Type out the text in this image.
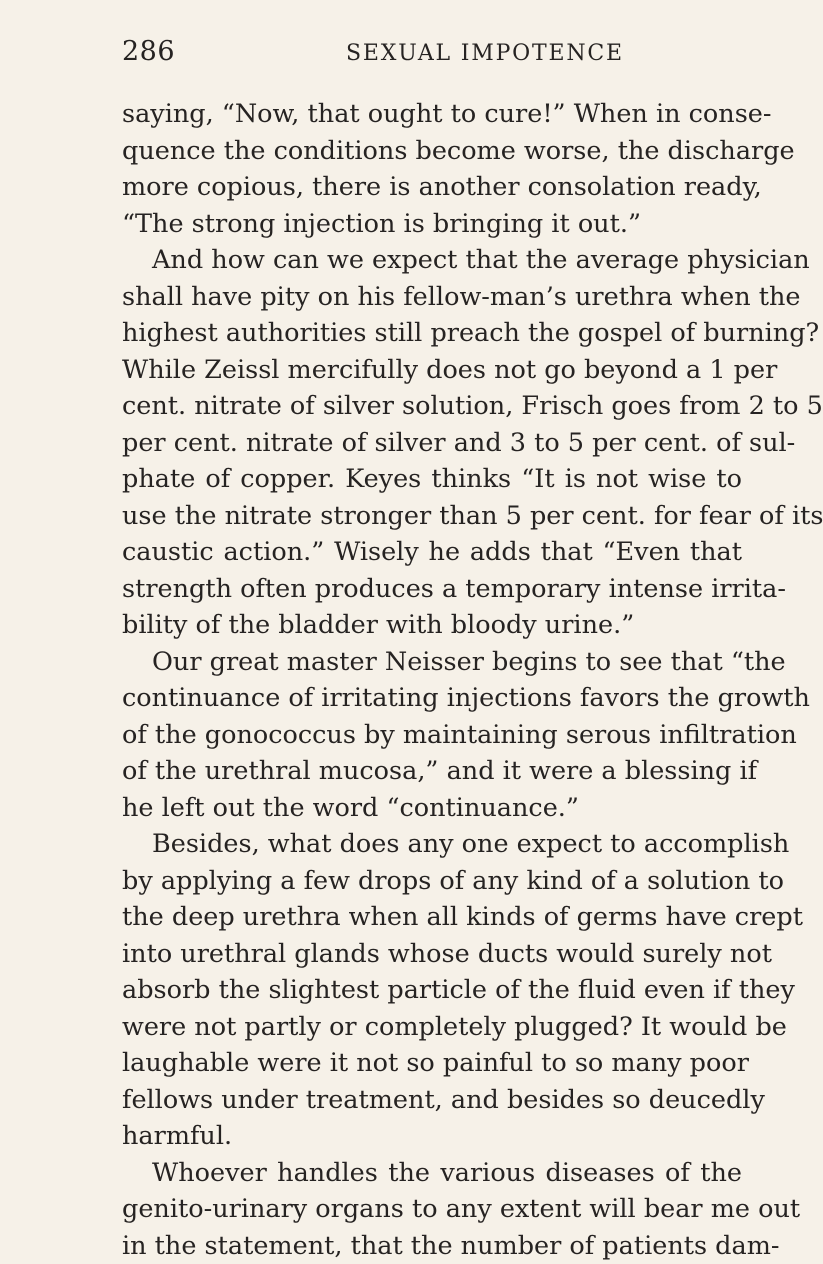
286	SEXUAL IMPOTENCE
saying, “Now, that ought to cure!” When in conse-
quence the conditions become worse, the discharge
more copious, there is another consolation ready,
“The strong injection is bringing it out.”
And how can we expect that the average physician
shall have pity on his fellow-man’s urethra when the
highest authorities still preach the gospel of burning?
While Zeissl mercifully does not go beyond a 1 per
cent. nitrate of silver solution, Frisch goes from 2 to 5
per cent. nitrate of silver and 3 to 5 per cent. of sul-
phate of copper. Keyes thinks “It is not wise to
use the nitrate stronger than 5 per cent. for fear of its
caustic action.” Wisely he adds that “Even that
strength often produces a temporary intense irrita-
bility of the bladder with bloody urine.”
Our great master Neisser begins to see that “the
continuance of irritating injections favors the growth
of the gonococcus by maintaining serous infiltration
of the urethral mucosa,” and it were a blessing if
he left out the word “continuance.”
Besides, what does any one expect to accomplish
by applying a few drops of any kind of a solution to
the deep urethra when all kinds of germs have crept
into urethral glands whose ducts would surely not
absorb the slightest particle of the fluid even if they
were not partly or completely plugged? It would be
laughable were it not so painful to so many poor
fellows under treatment, and besides so deucedly
harmful.
Whoever handles the various diseases of the
genito-urinary organs to any extent will bear me out
in the statement, that the number of patients dam-
